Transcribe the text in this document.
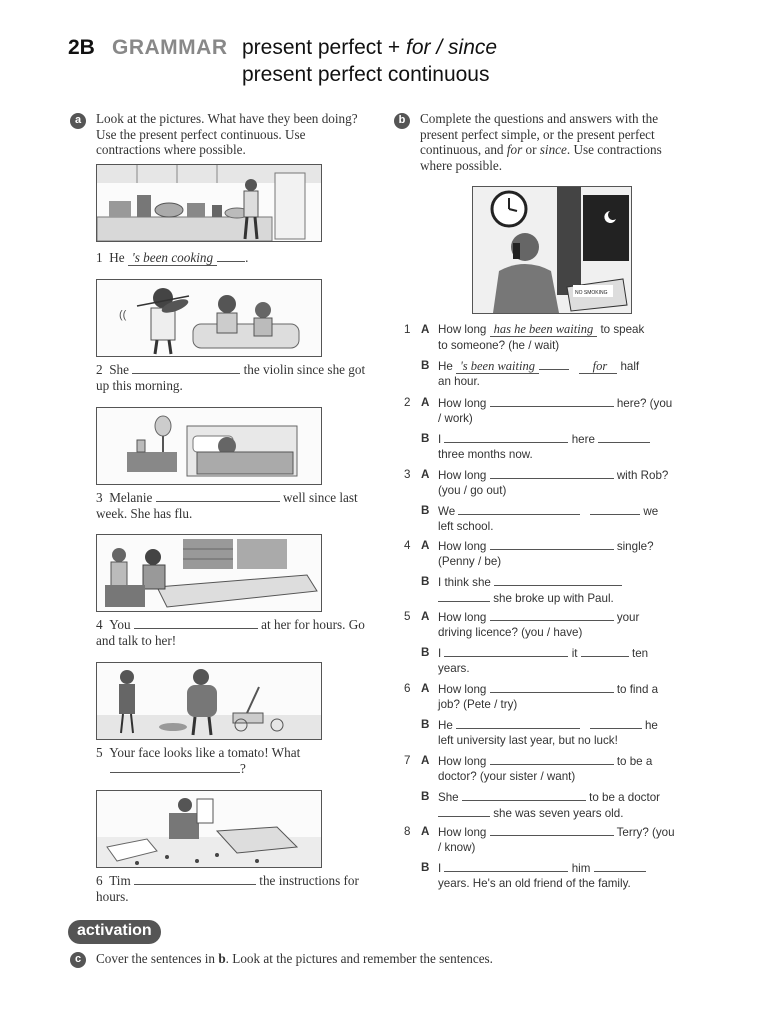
2B GRAMMAR present perfect + for / since
present perfect continuous
a	Look at the pictures. What have they been doing? Use the present perfect continuous. Use contractions where possible.
1 He 's been cooking .
((
2 She	the violin since she got up this morning.
3 Melanie	well since last week. She has flu.
4 You	at her for hours. Go and talk to her!
5 Your face looks like a tomato! What
?
6 Tim	the instructions for hours.
b	Complete the questions and answers with the present perfect simple, or the present perfect continuous, and for or since. Use contractions where possible.
NO SMOKING
1 A How long has he been waiting to speak
to someone? (he / wait)
B He 's been waiting	for half
an hour.
2 A How long	here? (you
/ work)
B I	here
three months now.
3 A How long	with Rob?
(you / go out)
B We	we
left school.
4 A How long	single?
(Penny / be)
B I think she
she broke up with Paul.
5 A How long	your
driving licence? (you / have)
B I	it	ten
years.
6 A How long	to find a
job? (Pete / try)
B He	he
left university last year, but no luck!
7 A How long	to be a
doctor? (your sister / want)
B She	to be a doctor
she was seven years old.
8 A How long	Terry? (you
/ know)
B I	him
years. He's an old friend of the family.
activation
c	Cover the sentences in b. Look at the pictures and remember the sentences.
